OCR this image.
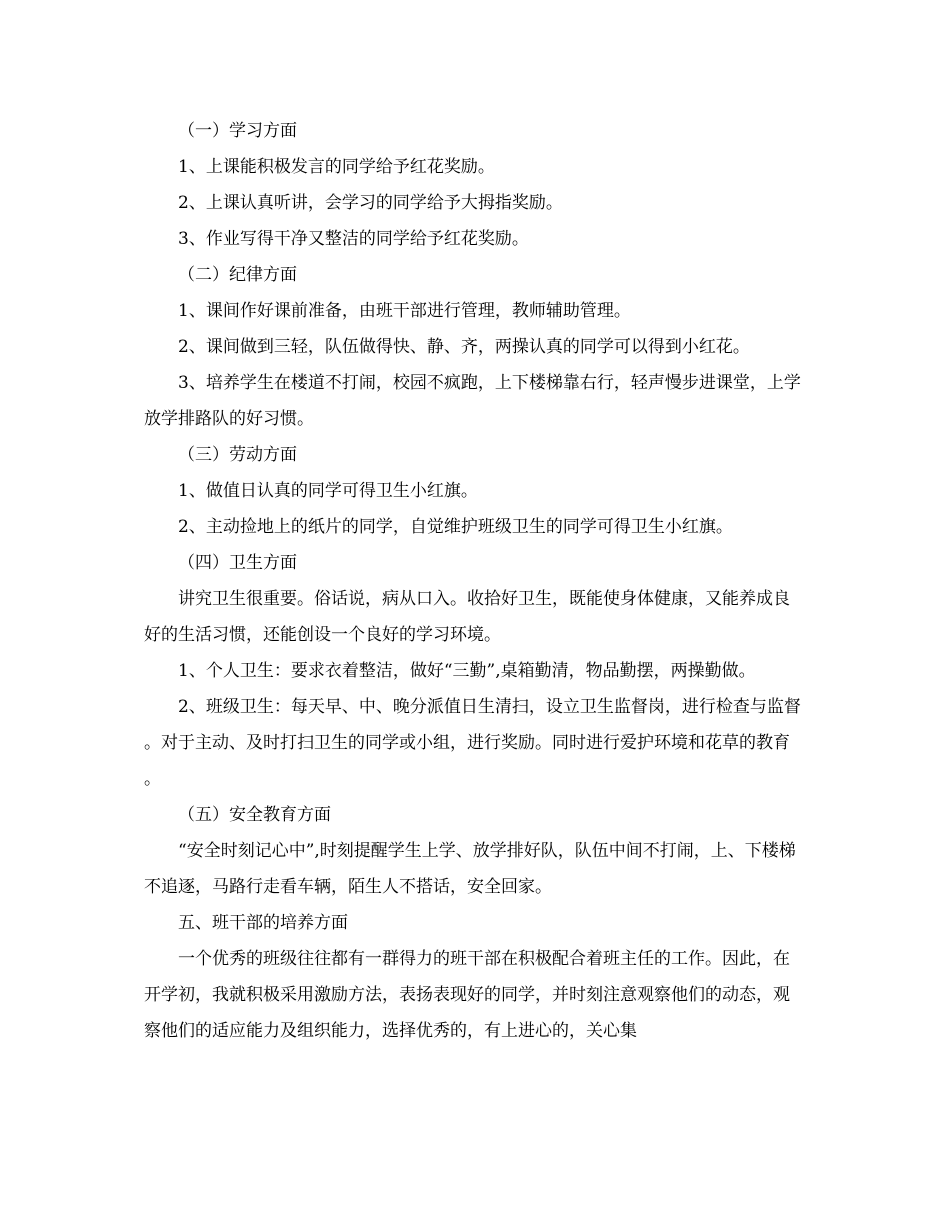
（一）学习方面

1、上课能积极发言的同学给予红花奖励。

2、上课认真听讲，会学习的同学给予大拇指奖励。

3、作业写得干净又整洁的同学给予红花奖励。

（二）纪律方面

1、课间作好课前准备，由班干部进行管理，教师辅助管理。

2、课间做到三轻，队伍做得快、静、齐，两操认真的同学可以得到小红花。

3、培养学生在楼道不打闹，校园不疯跑，上下楼梯靠右行，轻声慢步进课堂，上学放学排路队的好习惯。

（三）劳动方面

1、做值日认真的同学可得卫生小红旗。

2、主动捡地上的纸片的同学，自觉维护班级卫生的同学可得卫生小红旗。

（四）卫生方面

讲究卫生很重要。俗话说，病从口入。收拾好卫生，既能使身体健康，又能养成良好的生活习惯，还能创设一个良好的学习环境。

1、个人卫生：要求衣着整洁，做好“三勤”,桌箱勤清，物品勤摆，两操勤做。

2、班级卫生：每天早、中、晚分派值日生清扫，设立卫生监督岗，进行检查与监督。对于主动、及时打扫卫生的同学或小组，进行奖励。同时进行爱护环境和花草的教育。

（五）安全教育方面

“安全时刻记心中”,时刻提醒学生上学、放学排好队，队伍中间不打闹，上、下楼梯不追逐，马路行走看车辆，陌生人不搭话，安全回家。

五、班干部的培养方面

一个优秀的班级往往都有一群得力的班干部在积极配合着班主任的工作。因此，在开学初，我就积极采用激励方法，表扬表现好的同学，并时刻注意观察他们的动态，观察他们的适应能力及组织能力，选择优秀的，有上进心的，关心集
